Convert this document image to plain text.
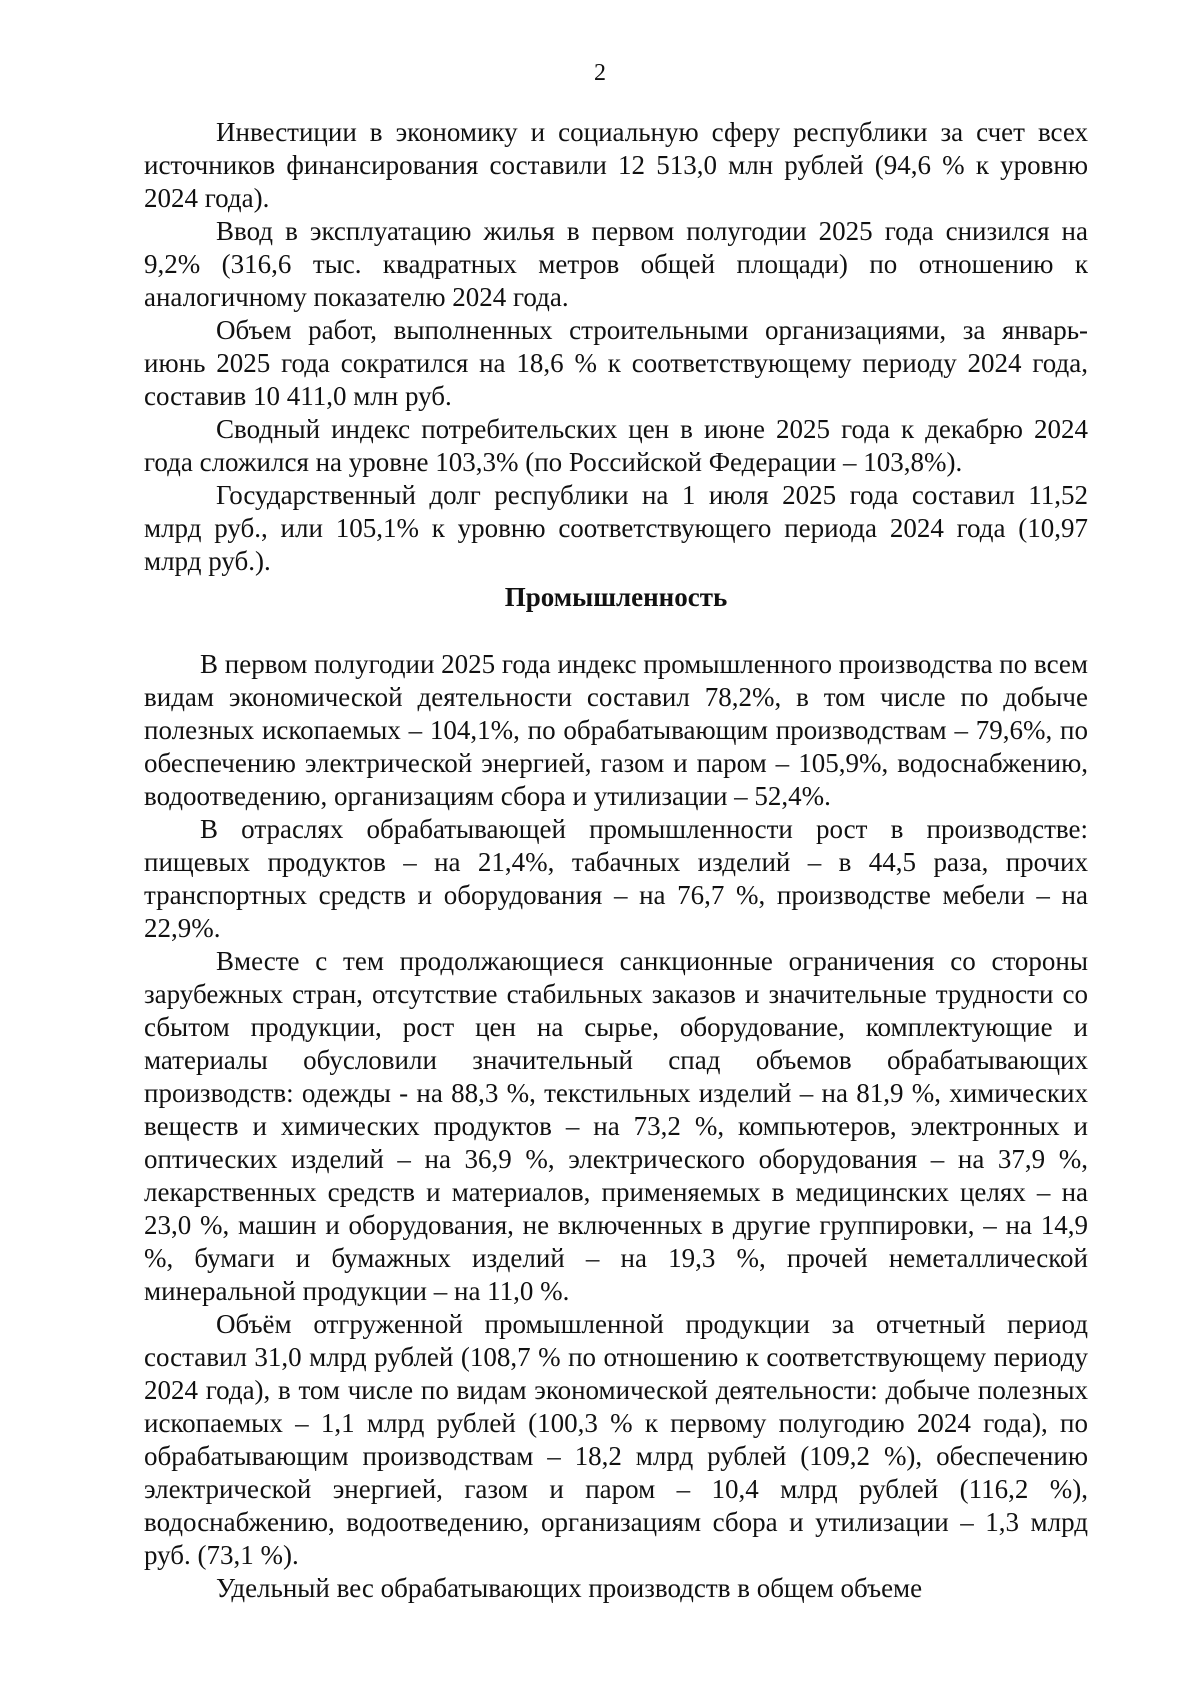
2

Инвестиции в экономику и социальную сферу республики за счет всех источников финансирования составили 12 513,0 млн рублей (94,6 % к уровню 2024 года).

Ввод в эксплуатацию жилья в первом полугодии 2025 года снизился на 9,2% (316,6 тыс. квадратных метров общей площади) по отношению к аналогичному показателю 2024 года.

Объем работ, выполненных строительными организациями, за январь-июнь 2025 года сократился на 18,6 % к соответствующему периоду 2024 года, составив 10 411,0 млн руб.

Сводный индекс потребительских цен в июне 2025 года к декабрю 2024 года сложился на уровне 103,3% (по Российской Федерации – 103,8%).

Государственный долг республики на 1 июля 2025 года составил 11,52 млрд руб., или 105,1% к уровню соответствующего периода 2024 года (10,97 млрд руб.).

Промышленность

В первом полугодии 2025 года индекс промышленного производства по всем видам экономической деятельности составил 78,2%, в том числе по добыче полезных ископаемых – 104,1%, по обрабатывающим производствам – 79,6%, по обеспечению электрической энергией, газом и паром – 105,9%, водоснабжению, водоотведению, организациям сбора и утилизации – 52,4%.

В отраслях обрабатывающей промышленности рост в производстве: пищевых продуктов – на 21,4%, табачных изделий – в 44,5 раза, прочих транспортных средств и оборудования – на 76,7 %, производстве мебели – на 22,9%.

Вместе с тем продолжающиеся санкционные ограничения со стороны зарубежных стран, отсутствие стабильных заказов и значительные трудности со сбытом продукции, рост цен на сырье, оборудование, комплектующие и материалы обусловили значительный спад объемов обрабатывающих производств: одежды - на 88,3 %, текстильных изделий – на 81,9 %, химических веществ и химических продуктов – на 73,2 %, компьютеров, электронных и оптических изделий – на 36,9 %, электрического оборудования – на 37,9 %, лекарственных средств и материалов, применяемых в медицинских целях – на 23,0 %, машин и оборудования, не включенных в другие группировки, – на 14,9 %, бумаги и бумажных изделий – на 19,3 %, прочей неметаллической минеральной продукции – на 11,0 %.

Объём отгруженной промышленной продукции за отчетный период составил 31,0 млрд рублей (108,7 % по отношению к соответствующему периоду 2024 года), в том числе по видам экономической деятельности: добыче полезных ископаемых – 1,1 млрд рублей (100,3 % к первому полугодию 2024 года), по обрабатывающим производствам – 18,2 млрд рублей (109,2 %), обеспечению электрической энергией, газом и паром – 10,4 млрд рублей (116,2 %), водоснабжению, водоотведению, организациям сбора и утилизации – 1,3 млрд руб. (73,1 %).

Удельный вес обрабатывающих производств в общем объеме
